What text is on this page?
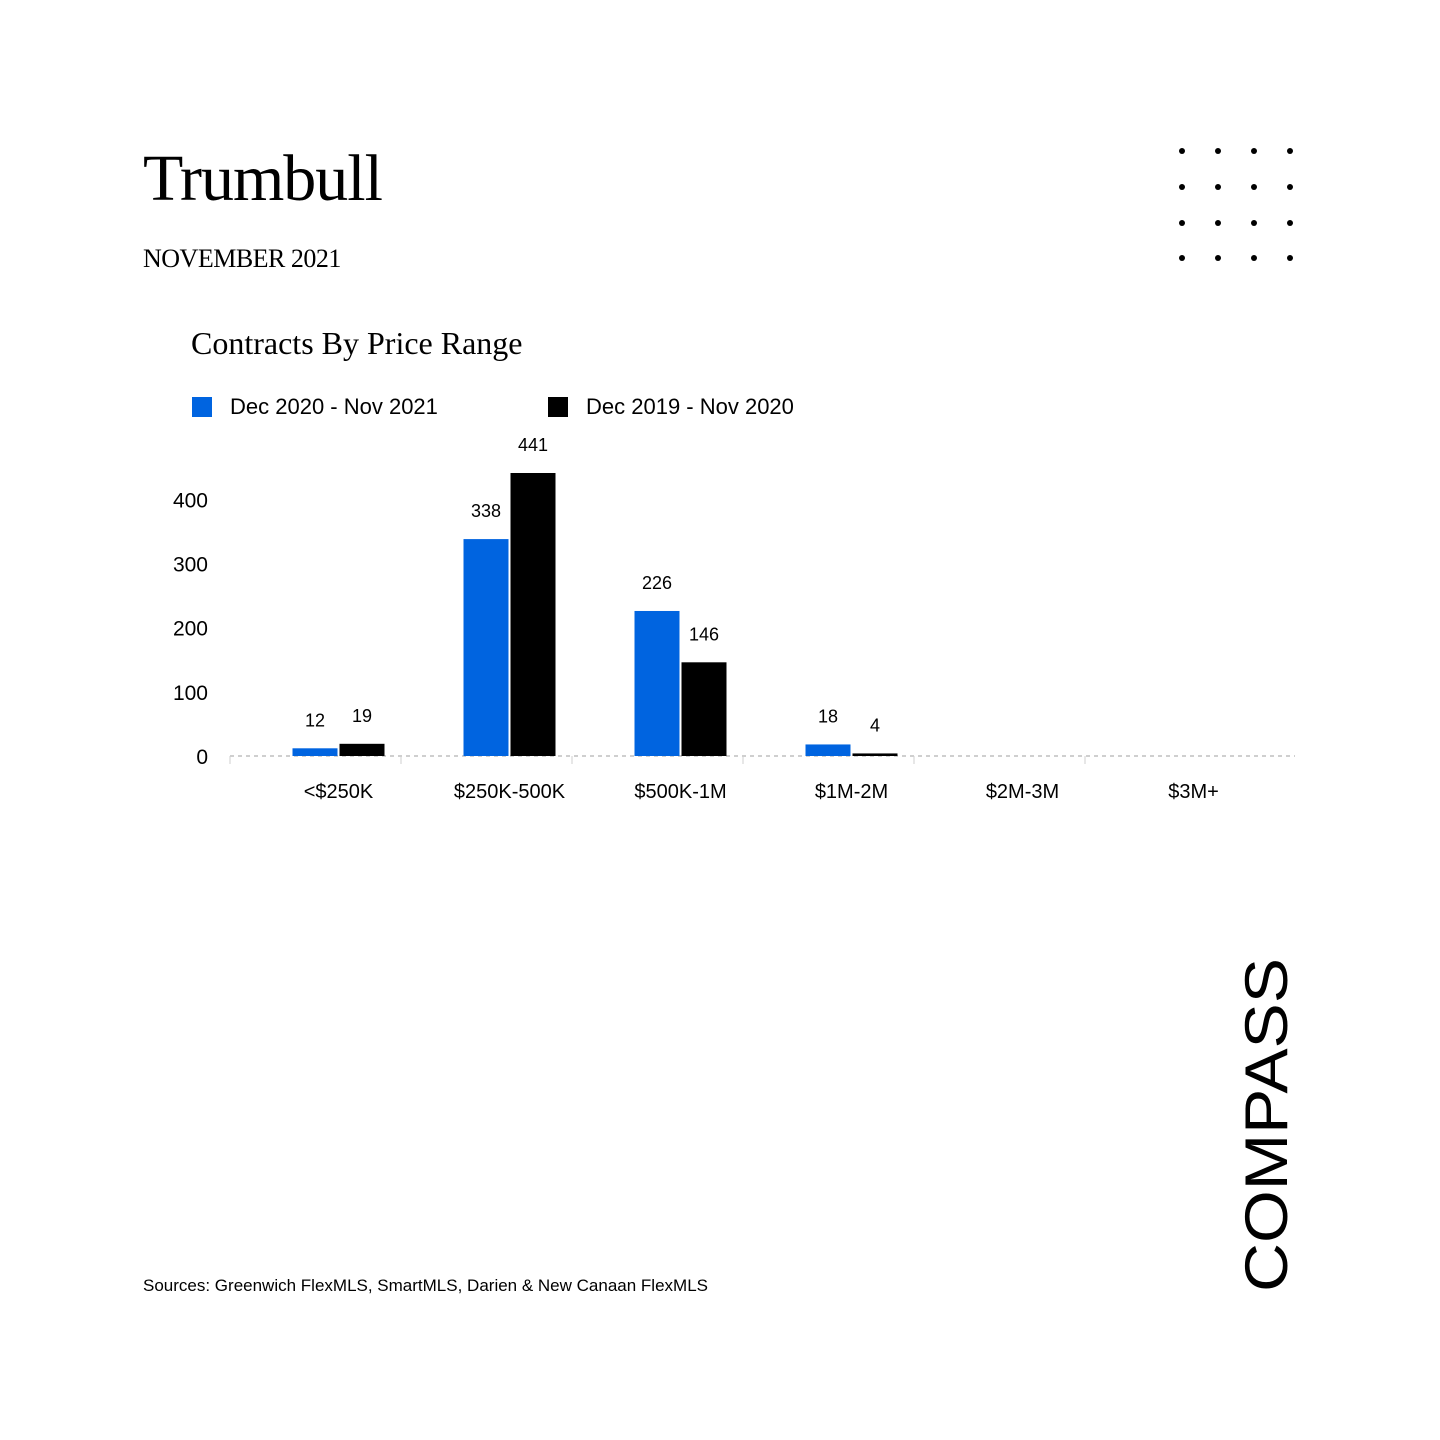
Trumbull
NOVEMBER 2021
Contracts By Price Range
Dec 2020 - Nov 2021	Dec 2019 - Nov 2020
0
100
200
300
400
<$250K
12 19
$250K-500K
338
441
$500K-1M
226
146
$1M-2M
18 4
$2M-3M	$3M+
Sources: Greenwich FlexMLS, SmartMLS, Darien & New Canaan FlexMLS	COMPASS
